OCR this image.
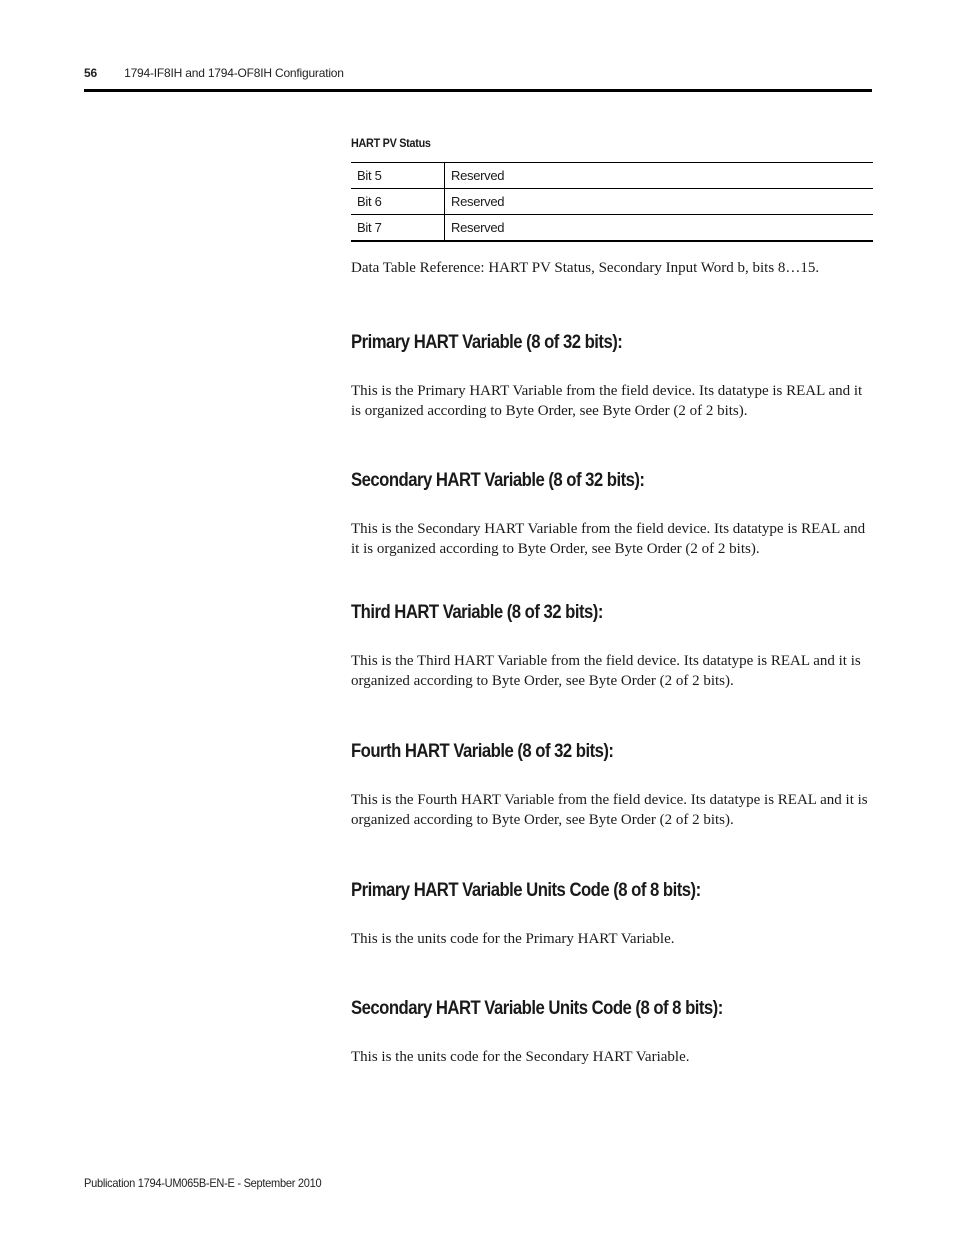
56 1794-IF8IH and 1794-OF8IH Configuration
HART PV Status
Bit 5	Reserved
Bit 6	Reserved
Bit 7	Reserved

Data Table Reference: HART PV Status, Secondary Input Word b, bits 8…15.

Primary HART Variable (8 of 32 bits):

This is the Primary HART Variable from the field device. Its datatype is REAL and it is organized according to Byte Order, see Byte Order (2 of 2 bits).

Secondary HART Variable (8 of 32 bits):

This is the Secondary HART Variable from the field device. Its datatype is REAL and it is organized according to Byte Order, see Byte Order (2 of 2 bits).

Third HART Variable (8 of 32 bits):

This is the Third HART Variable from the field device. Its datatype is REAL and it is organized according to Byte Order, see Byte Order (2 of 2 bits).

Fourth HART Variable (8 of 32 bits):

This is the Fourth HART Variable from the field device. Its datatype is REAL and it is organized according to Byte Order, see Byte Order (2 of 2 bits).

Primary HART Variable Units Code (8 of 8 bits):

This is the units code for the Primary HART Variable.

Secondary HART Variable Units Code (8 of 8 bits):

This is the units code for the Secondary HART Variable.

Publication 1794-UM065B-EN-E - September 2010
